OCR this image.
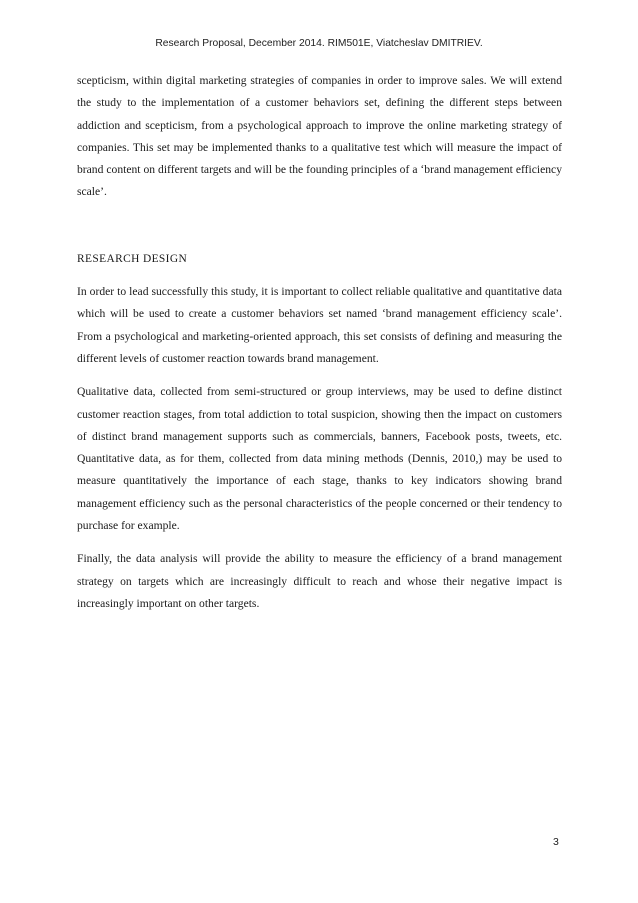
Research Proposal, December 2014. RIM501E, Viatcheslav DMITRIEV.

scepticism, within digital marketing strategies of companies in order to improve sales. We will extend the study to the implementation of a customer behaviors set, defining the different steps between addiction and scepticism, from a psychological approach to improve the online marketing strategy of companies. This set may be implemented thanks to a qualitative test which will measure the impact of brand content on different targets and will be the founding principles of a ‘brand management efficiency scale’.

RESEARCH DESIGN

In order to lead successfully this study, it is important to collect reliable qualitative and quantitative data which will be used to create a customer behaviors set named ‘brand management efficiency scale’. From a psychological and marketing-oriented approach, this set consists of defining and measuring the different levels of customer reaction towards brand management.

Qualitative data, collected from semi-structured or group interviews, may be used to define distinct customer reaction stages, from total addiction to total suspicion, showing then the impact on customers of distinct brand management supports such as commercials, banners, Facebook posts, tweets, etc. Quantitative data, as for them, collected from data mining methods (Dennis, 2010,) may be used to measure quantitatively the importance of each stage, thanks to key indicators showing brand management efficiency such as the personal characteristics of the people concerned or their tendency to purchase for example.

Finally, the data analysis will provide the ability to measure the efficiency of a brand management strategy on targets which are increasingly difficult to reach and whose their negative impact is increasingly important on other targets.

3
